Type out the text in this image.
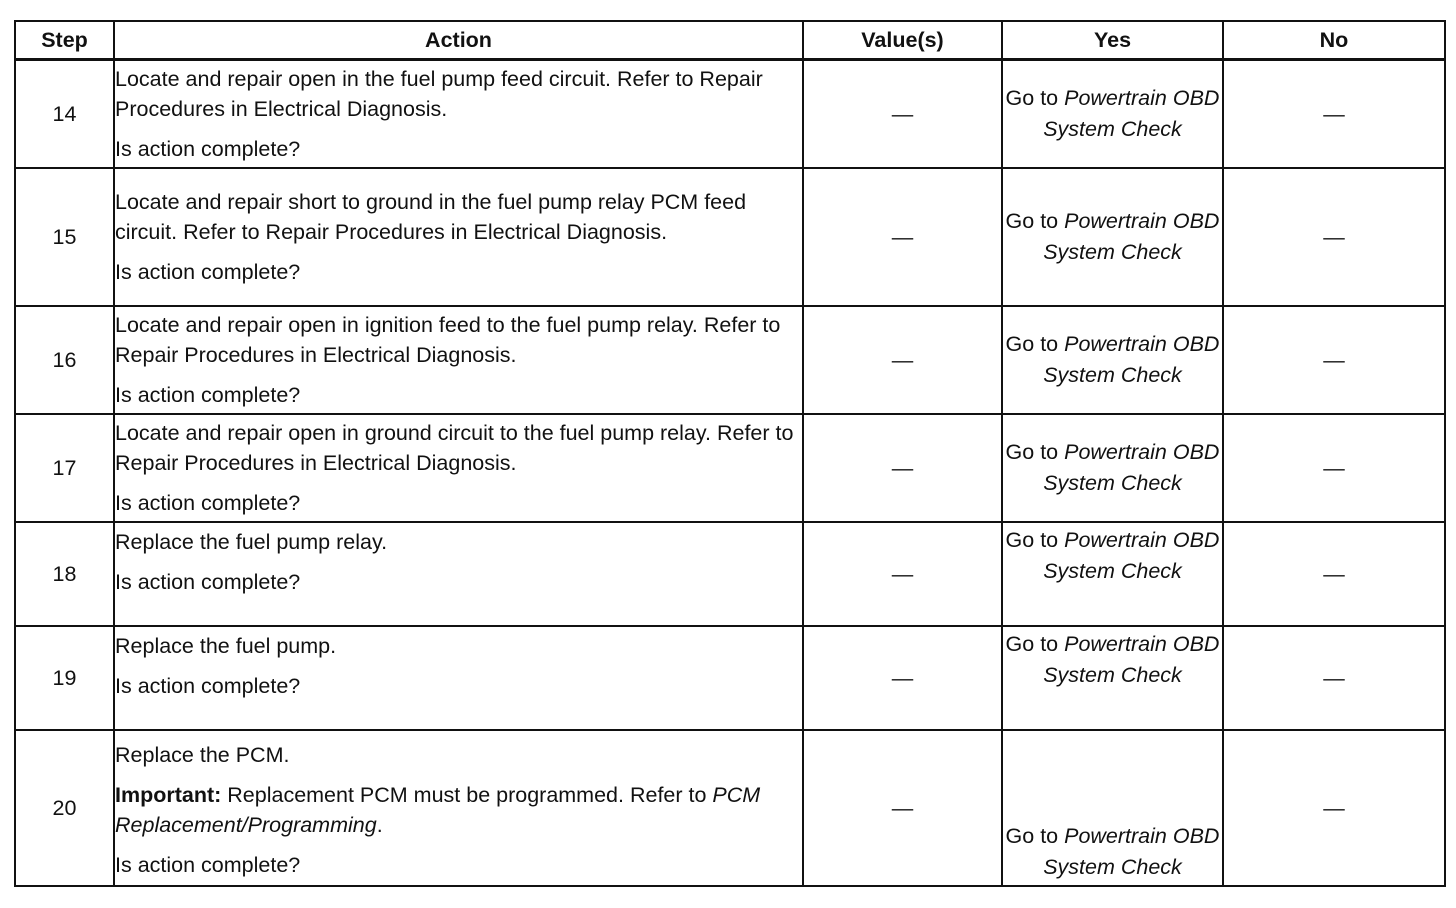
Step	Action	Value(s)	Yes	No
14	Locate and repair open in the fuel pump feed circuit. Refer to Repair Procedures in Electrical Diagnosis.

Is action complete?	—	Go to Powertrain OBD System Check	—
15	Locate and repair short to ground in the fuel pump relay PCM feed circuit. Refer to Repair Procedures in Electrical Diagnosis.

Is action complete?	—	Go to Powertrain OBD System Check	—
16	Locate and repair open in ignition feed to the fuel pump relay. Refer to Repair Procedures in Electrical Diagnosis.

Is action complete?	—	Go to Powertrain OBD System Check	—
17	Locate and repair open in ground circuit to the fuel pump relay. Refer to Repair Procedures in Electrical Diagnosis.

Is action complete?	—	Go to Powertrain OBD System Check	—
18	Replace the fuel pump relay.

Is action complete?	—	Go to Powertrain OBD System Check	—
19	Replace the fuel pump.

Is action complete?	—	Go to Powertrain OBD System Check	—
20	Replace the PCM.

Important: Replacement PCM must be programmed. Refer to PCM Replacement/Programming.

Is action complete?	—	Go to Powertrain OBD System Check	—
